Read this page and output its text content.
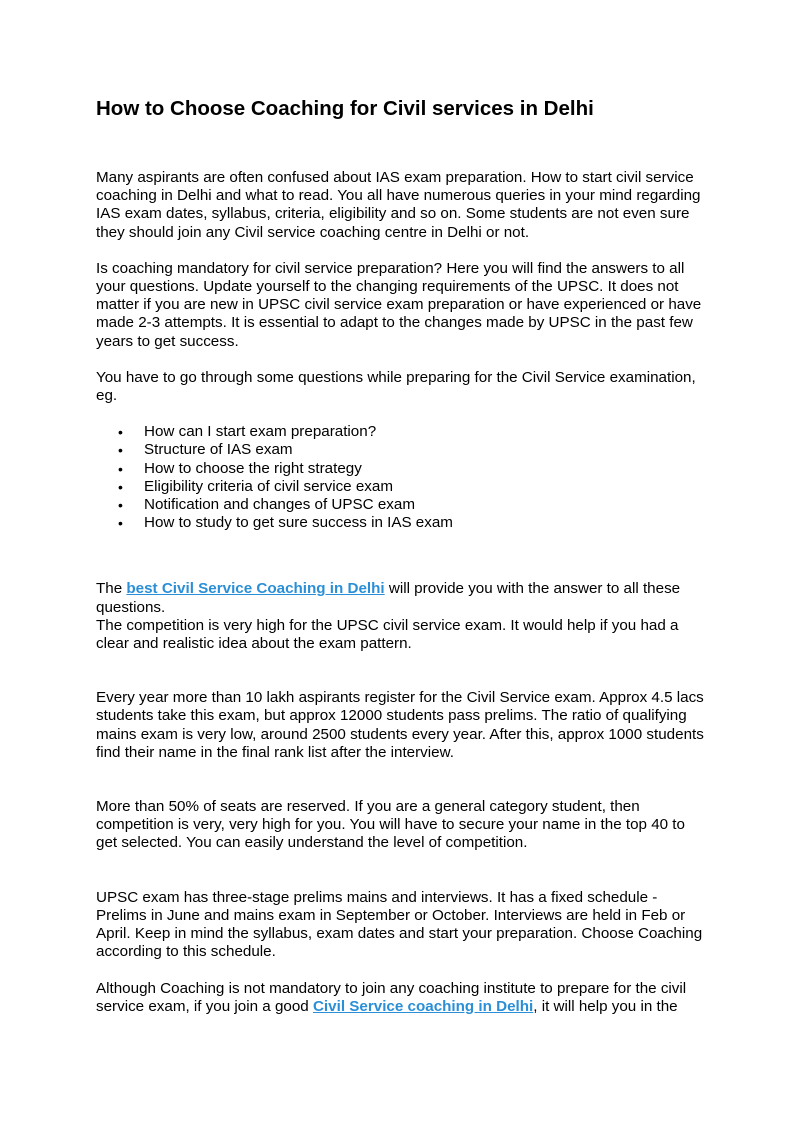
How to Choose Coaching for Civil services in Delhi

Many aspirants are often confused about IAS exam preparation. How to start civil service coaching in Delhi and what to read. You all have numerous queries in your mind regarding IAS exam dates, syllabus, criteria, eligibility and so on. Some students are not even sure they should join any Civil service coaching centre in Delhi or not.

Is coaching mandatory for civil service preparation? Here you will find the answers to all your questions. Update yourself to the changing requirements of the UPSC. It does not matter if you are new in UPSC civil service exam preparation or have experienced or have made 2-3 attempts. It is essential to adapt to the changes made by UPSC in the past few years to get success.

You have to go through some questions while preparing for the Civil Service examination, eg.

• How can I start exam preparation?
• Structure of IAS exam
• How to choose the right strategy
• Eligibility criteria of civil service exam
• Notification and changes of UPSC exam
• How to study to get sure success in IAS exam

The best Civil Service Coaching in Delhi will provide you with the answer to all these questions.

The competition is very high for the UPSC civil service exam. It would help if you had a clear and realistic idea about the exam pattern.

Every year more than 10 lakh aspirants register for the Civil Service exam. Approx 4.5 lacs students take this exam, but approx 12000 students pass prelims. The ratio of qualifying mains exam is very low, around 2500 students every year. After this, approx 1000 students find their name in the final rank list after the interview.

More than 50% of seats are reserved. If you are a general category student, then competition is very, very high for you. You will have to secure your name in the top 40 to get selected. You can easily understand the level of competition.

UPSC exam has three-stage prelims mains and interviews. It has a fixed schedule - Prelims in June and mains exam in September or October. Interviews are held in Feb or April. Keep in mind the syllabus, exam dates and start your preparation. Choose Coaching according to this schedule.

Although Coaching is not mandatory to join any coaching institute to prepare for the civil service exam, if you join a good Civil Service coaching in Delhi, it will help you in the
